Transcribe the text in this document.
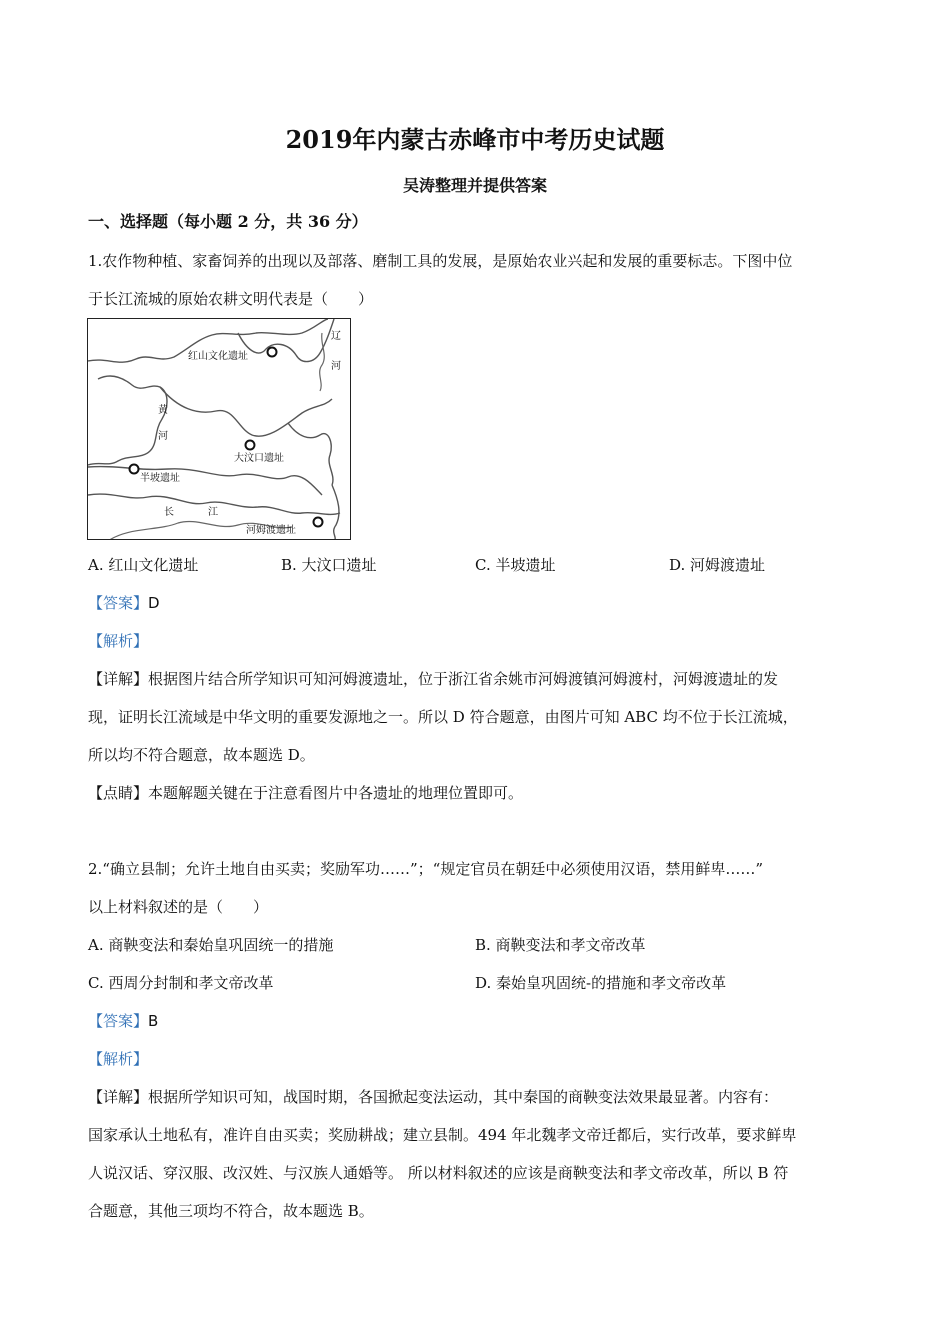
2019年内蒙古赤峰市中考历史试题
吴涛整理并提供答案
一、选择题（每小题 2 分，共 36 分）
1.农作物种植、家畜饲养的出现以及部落、磨制工具的发展，是原始农业兴起和发展的重要标志。下图中位
于长江流城的原始农耕文明代表是（　　）
红山文化遗址
大汶口遗址
半坡遗址
河姆渡遗址
辽
河
黄
河
长	江
A. 红山文化遗址	B. 大汶口遗址	C. 半坡遗址	D. 河姆渡遗址
【答案】D
【解析】
【详解】根据图片结合所学知识可知河姆渡遗址，位于浙江省余姚市河姆渡镇河姆渡村，河姆渡遗址的发
现，证明长江流域是中华文明的重要发源地之一。所以 D 符合题意，由图片可知 ABC 均不位于长江流城，
所以均不符合题意，故本题选 D。
【点睛】本题解题关键在于注意看图片中各遗址的地理位置即可。
2.“确立县制；允许土地自由买卖；奖励军功……”；“规定官员在朝廷中必须使用汉语，禁用鲜卑……”
以上材料叙述的是（　　）
A. 商鞅变法和秦始皇巩固统一的措施	B. 商鞅变法和孝文帝改革
C. 西周分封制和孝文帝改革	D. 秦始皇巩固统-的措施和孝文帝改革
【答案】B
【解析】
【详解】根据所学知识可知，战国时期，各国掀起变法运动，其中秦国的商鞅变法效果最显著。内容有：
国家承认土地私有，准许自由买卖；奖励耕战；建立县制。494 年北魏孝文帝迁都后，实行改革，要求鲜卑
人说汉话、穿汉服、改汉姓、与汉族人通婚等。 所以材料叙述的应该是商鞅变法和孝文帝改革，所以 B 符
合题意，其他三项均不符合，故本题选 B。
